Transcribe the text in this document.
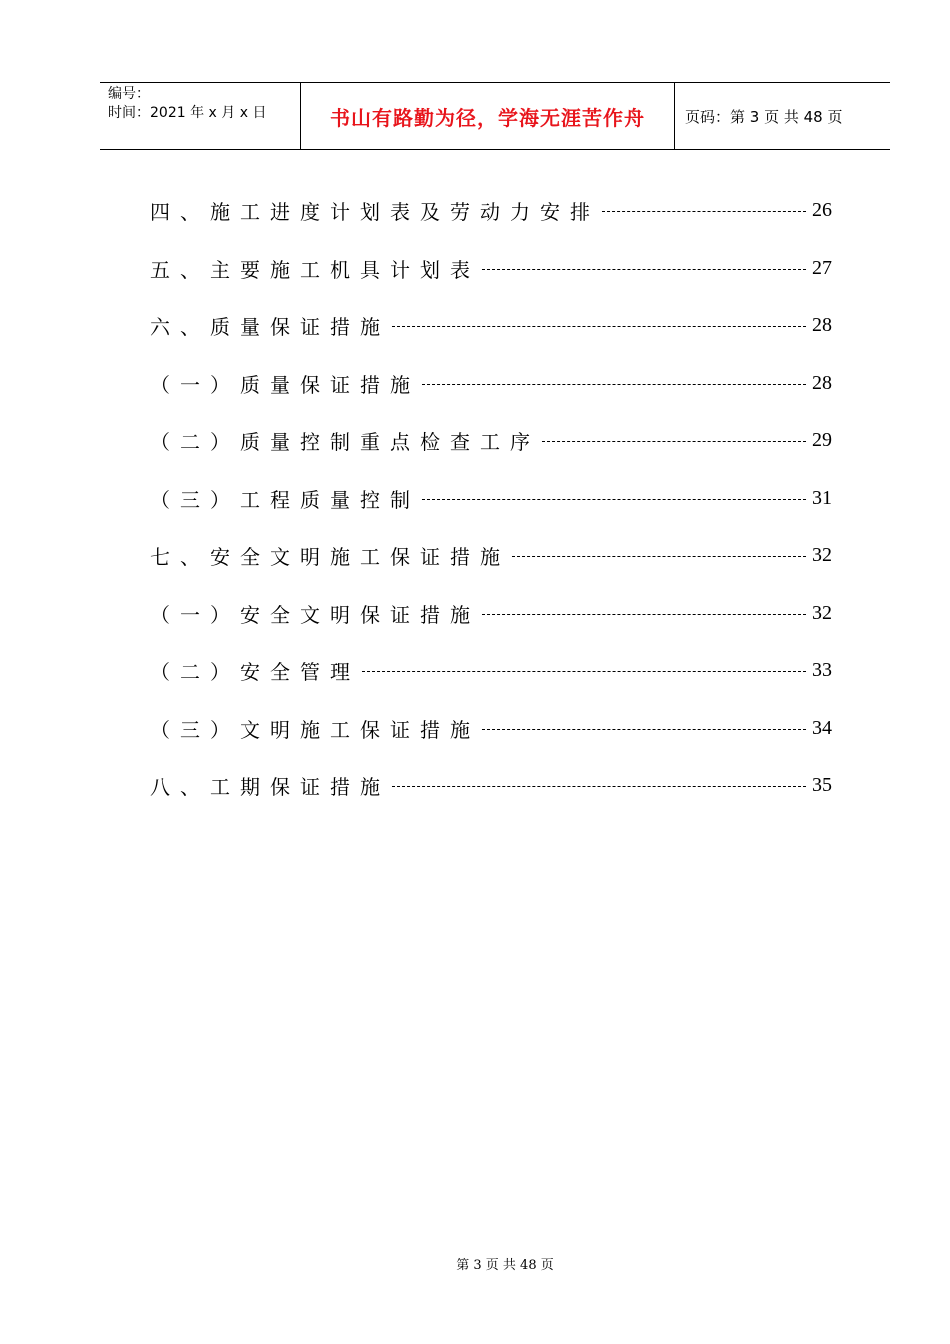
编号：
时间：2021 年 x 月 x 日	书山有路勤为径，学海无涯苦作舟	页码：第 3 页 共 48 页
四、施工进度计划表及劳动力安排	26
五、主要施工机具计划表	27
六、质量保证措施	28
（一）质量保证措施	28
（二）质量控制重点检查工序	29
（三）工程质量控制	31
七、安全文明施工保证措施	32
（一）安全文明保证措施	32
（二）安全管理	33
（三）文明施工保证措施	34
八、工期保证措施	35
第 3 页 共 48 页
